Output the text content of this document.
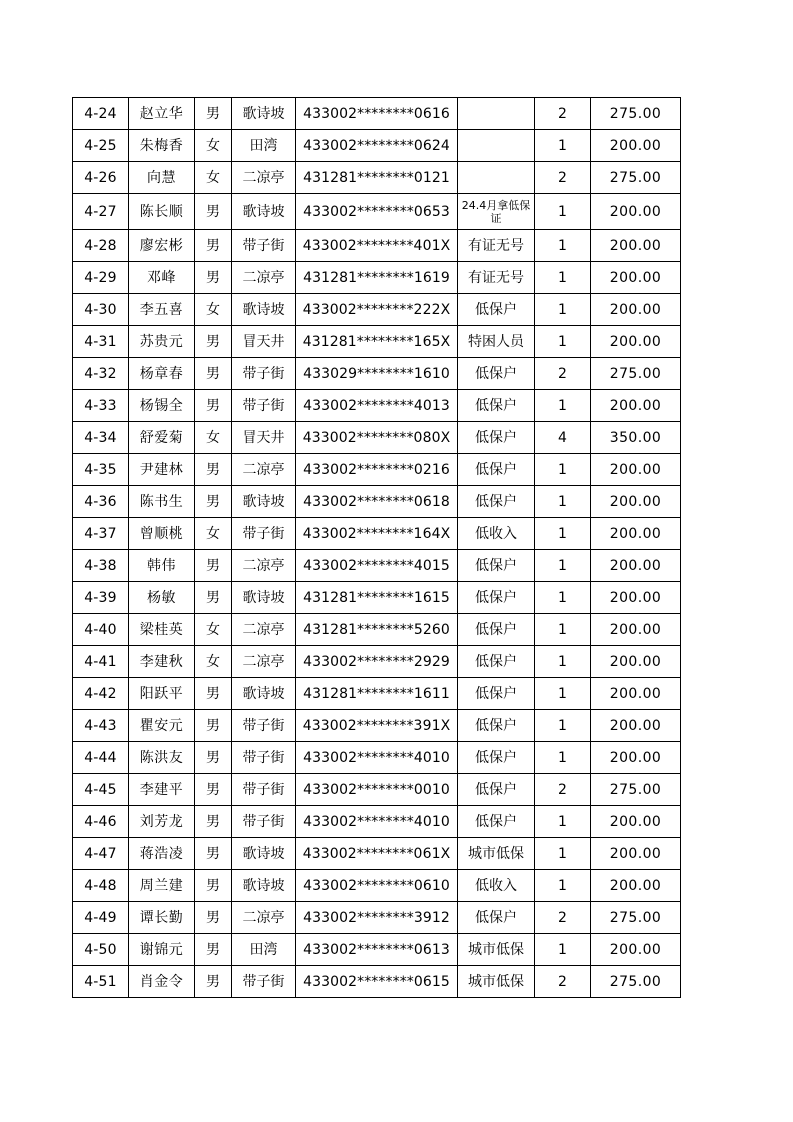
4-24	赵立华	男	歌诗坡	433002********0616		2	275.00
4-25	朱梅香	女	田湾	433002********0624		1	200.00
4-26	向慧	女	二凉亭	431281********0121		2	275.00
4-27	陈长顺	男	歌诗坡	433002********0653	24.4月拿低保证	1	200.00
4-28	廖宏彬	男	带子街	433002********401X	有证无号	1	200.00
4-29	邓峰	男	二凉亭	431281********1619	有证无号	1	200.00
4-30	李五喜	女	歌诗坡	433002********222X	低保户	1	200.00
4-31	苏贵元	男	冒天井	431281********165X	特困人员	1	200.00
4-32	杨章春	男	带子街	433029********1610	低保户	2	275.00
4-33	杨锡全	男	带子街	433002********4013	低保户	1	200.00
4-34	舒爱菊	女	冒天井	433002********080X	低保户	4	350.00
4-35	尹建林	男	二凉亭	433002********0216	低保户	1	200.00
4-36	陈书生	男	歌诗坡	433002********0618	低保户	1	200.00
4-37	曾顺桃	女	带子街	433002********164X	低收入	1	200.00
4-38	韩伟	男	二凉亭	433002********4015	低保户	1	200.00
4-39	杨敏	男	歌诗坡	431281********1615	低保户	1	200.00
4-40	梁桂英	女	二凉亭	431281********5260	低保户	1	200.00
4-41	李建秋	女	二凉亭	433002********2929	低保户	1	200.00
4-42	阳跃平	男	歌诗坡	431281********1611	低保户	1	200.00
4-43	瞿安元	男	带子街	433002********391X	低保户	1	200.00
4-44	陈洪友	男	带子街	433002********4010	低保户	1	200.00
4-45	李建平	男	带子街	433002********0010	低保户	2	275.00
4-46	刘芳龙	男	带子街	433002********4010	低保户	1	200.00
4-47	蒋浩凌	男	歌诗坡	433002********061X	城市低保	1	200.00
4-48	周兰建	男	歌诗坡	433002********0610	低收入	1	200.00
4-49	谭长勤	男	二凉亭	433002********3912	低保户	2	275.00
4-50	谢锦元	男	田湾	433002********0613	城市低保	1	200.00
4-51	肖金令	男	带子街	433002********0615	城市低保	2	275.00
